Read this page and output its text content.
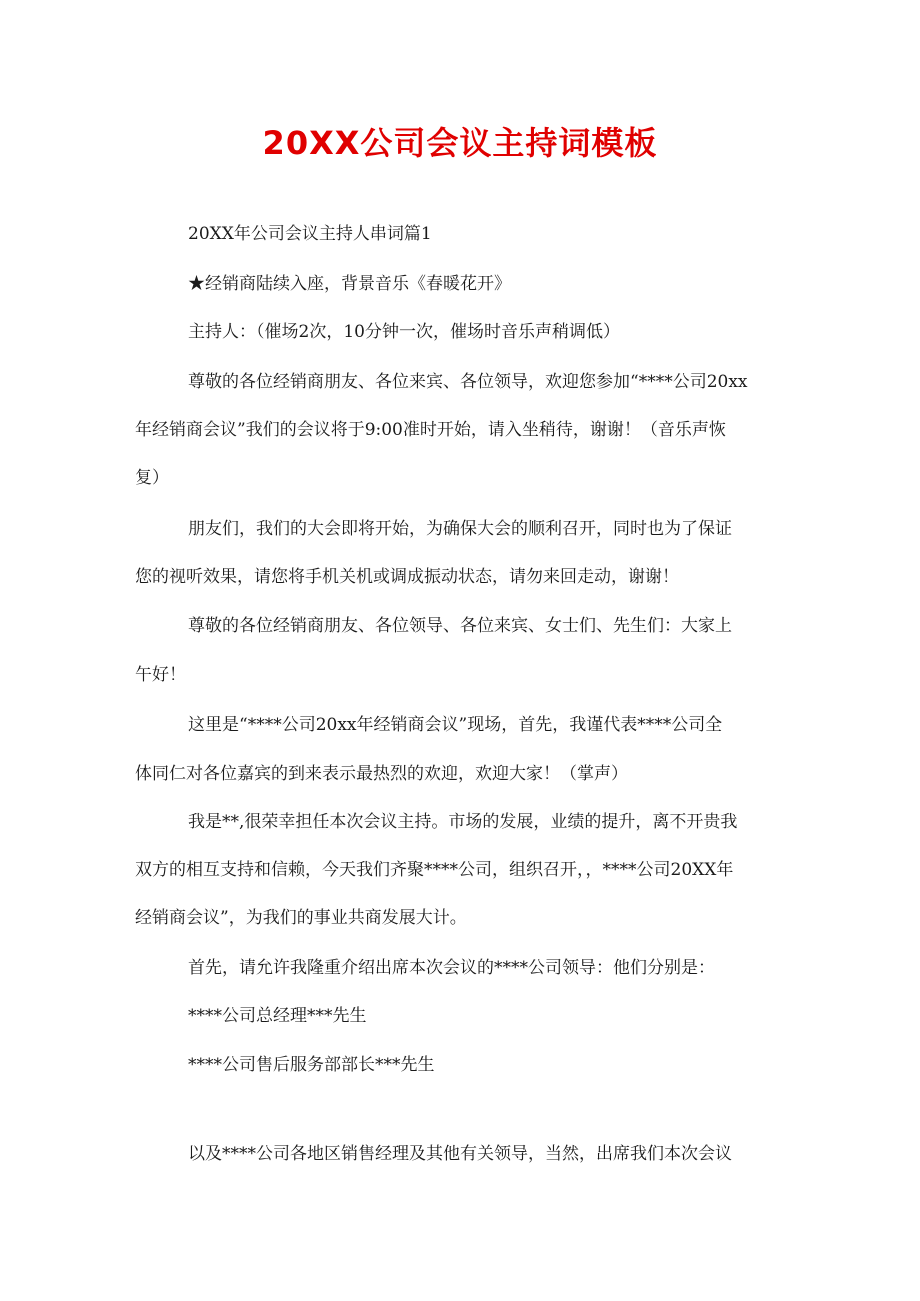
20XX公司会议主持词模板

20XX年公司会议主持人串词篇1

★经销商陆续入座，背景音乐《春暖花开》

主持人：（催场2次，10分钟一次，催场时音乐声稍调低）

尊敬的各位经销商朋友、各位来宾、各位领导，欢迎您参加“****公司20xx

年经销商会议”我们的会议将于9:00准时开始，请入坐稍待，谢谢！（音乐声恢

复）

朋友们，我们的大会即将开始，为确保大会的顺利召开，同时也为了保证

您的视听效果，请您将手机关机或调成振动状态，请勿来回走动，谢谢！

尊敬的各位经销商朋友、各位领导、各位来宾、女士们、先生们：大家上

午好！

这里是“****公司20xx年经销商会议”现场，首先，我谨代表****公司全

体同仁对各位嘉宾的到来表示最热烈的欢迎，欢迎大家！（掌声）

我是**,很荣幸担任本次会议主持。市场的发展，业绩的提升，离不开贵我

双方的相互支持和信赖，今天我们齐聚****公司，组织召开，，****公司20XX年

经销商会议”，为我们的事业共商发展大计。

首先，请允许我隆重介绍出席本次会议的****公司领导：他们分别是：

****公司总经理***先生

****公司售后服务部部长***先生

以及****公司各地区销售经理及其他有关领导，当然，出席我们本次会议
